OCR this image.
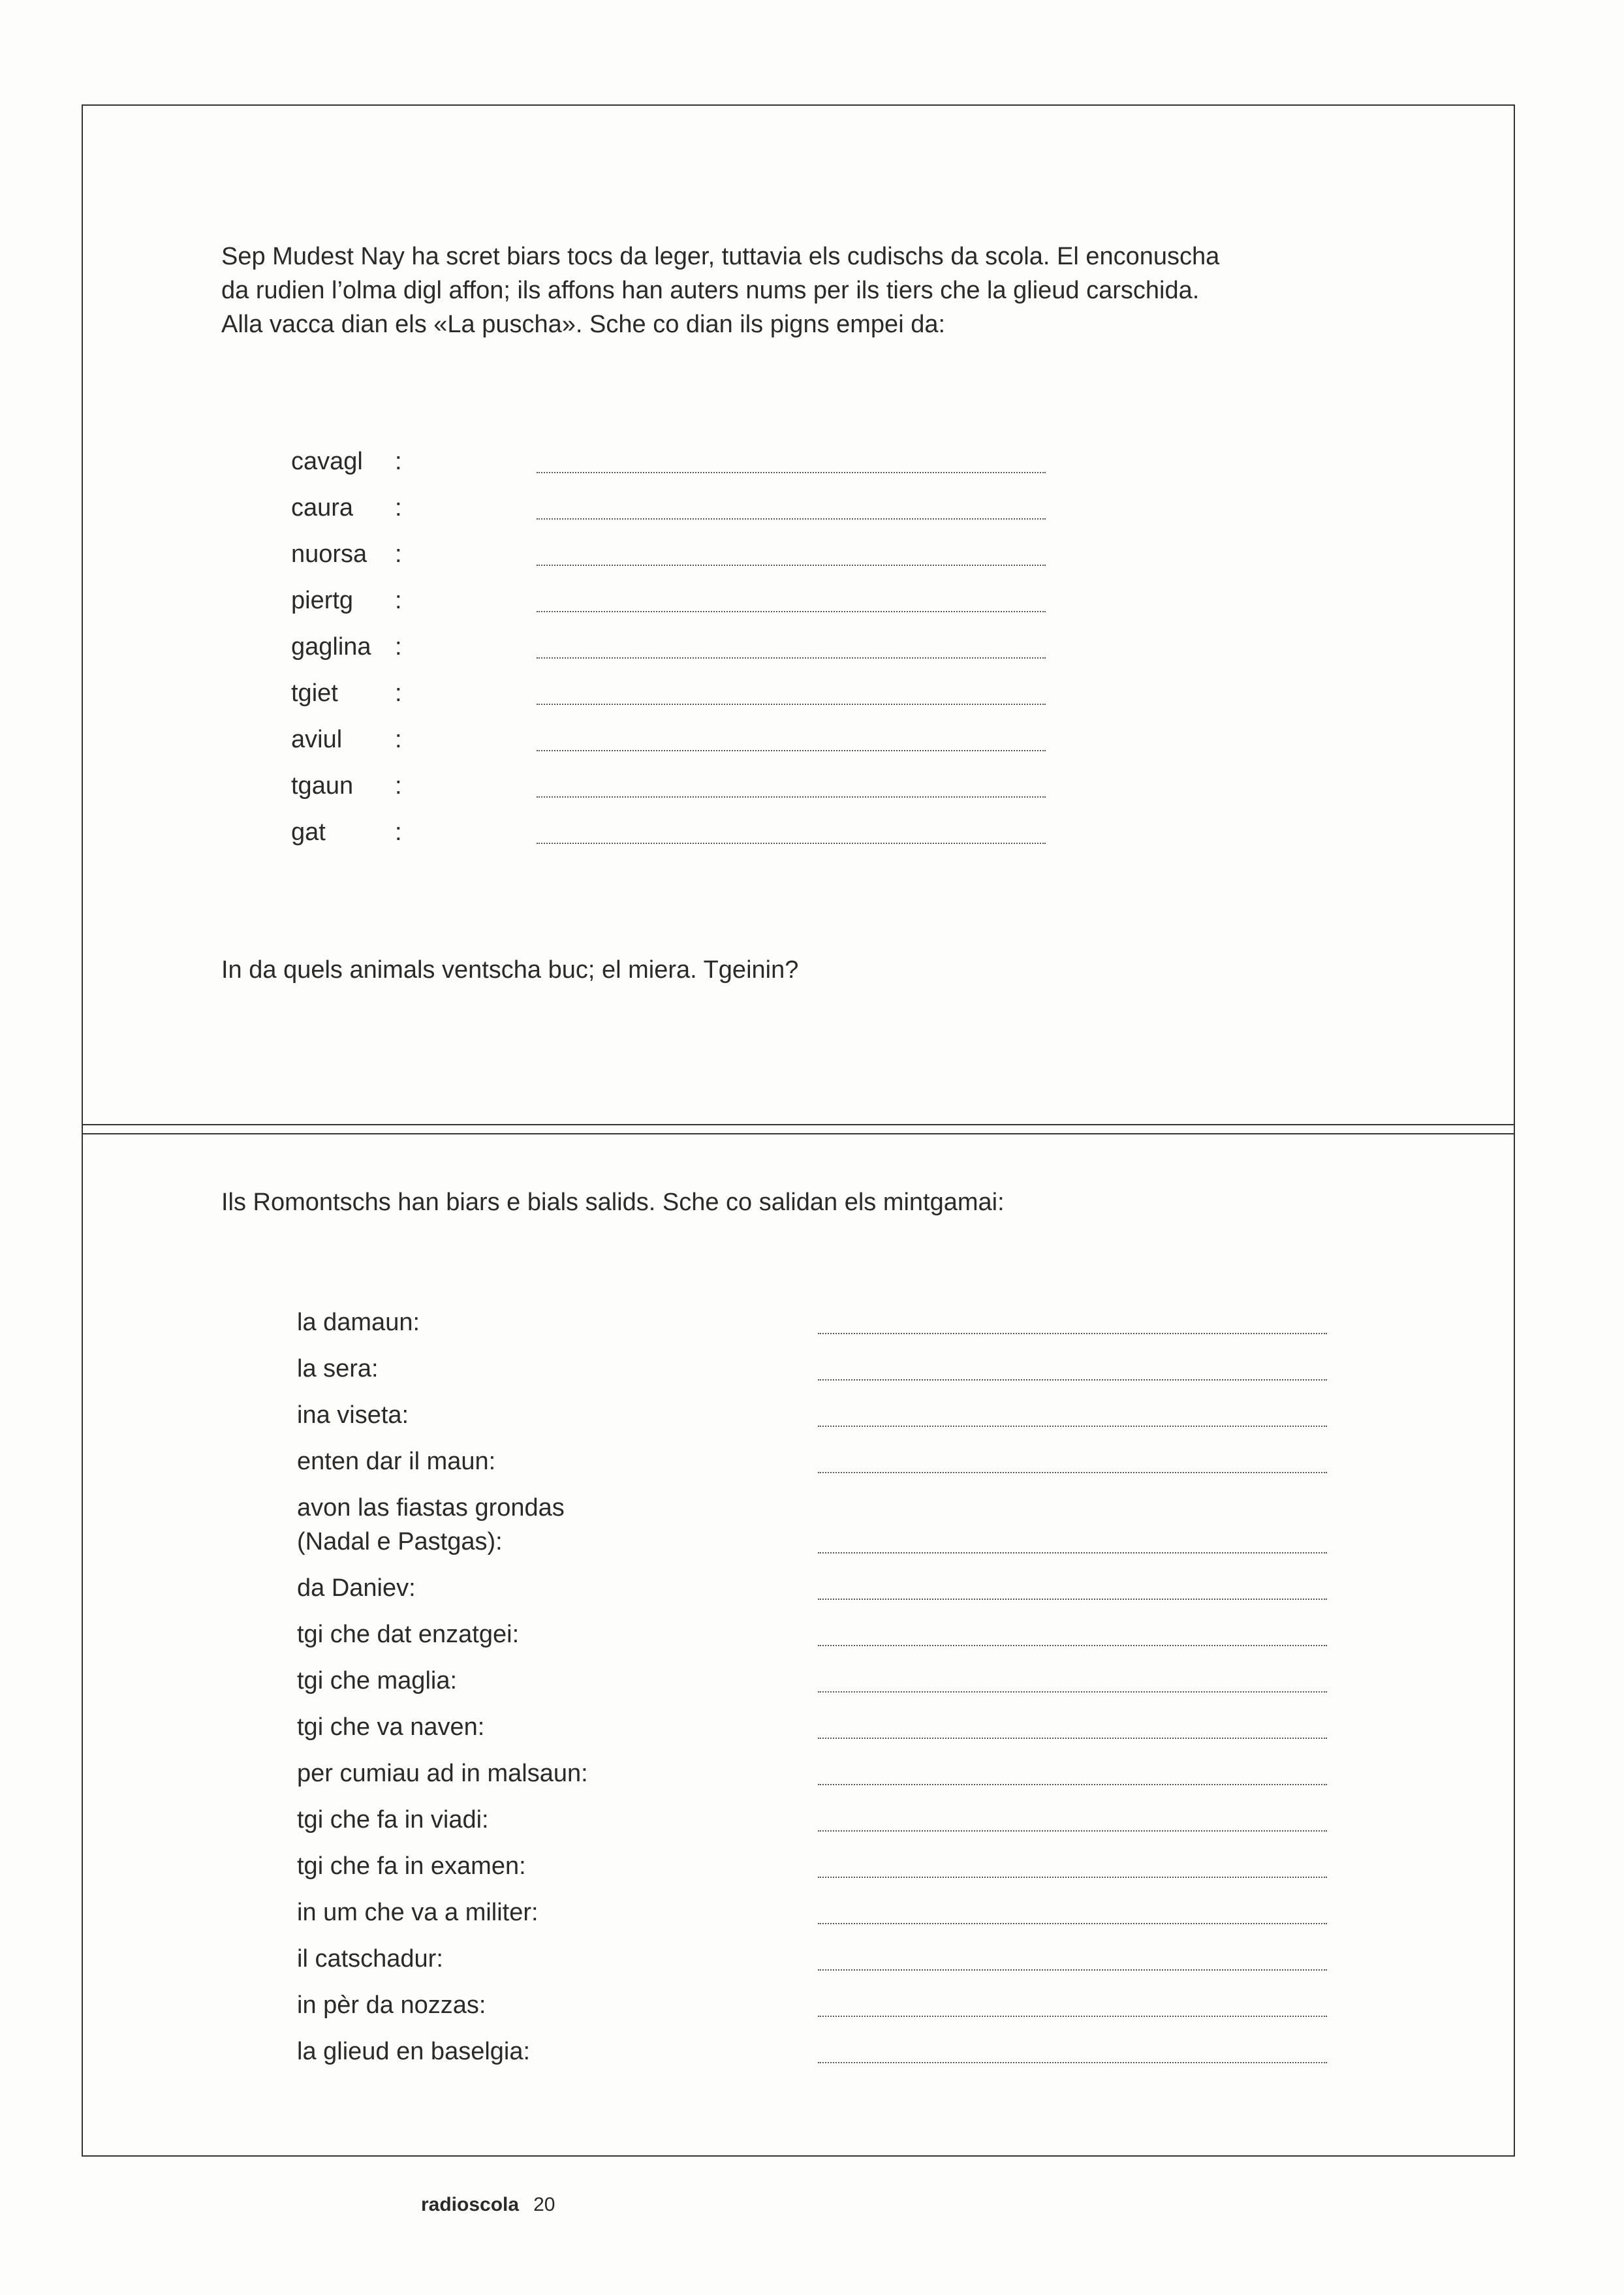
Sep Mudest Nay ha scret biars tocs da leger, tuttavia els cudischs da scola. El enconuscha
da rudien l’olma digl affon; ils affons han auters nums per ils tiers che la glieud carschida.
Alla vacca dian els «La puscha». Sche co dian ils pigns empei da:
cavagl :
caura :
nuorsa :
piertg :
gaglina :
tgiet :
aviul :
tgaun :
gat	:
In da quels animals ventscha buc; el miera. Tgeinin?
Ils Romontschs han biars e bials salids. Sche co salidan els mintgamai:
la damaun:
la sera:
ina viseta:
enten dar il maun:
avon las fiastas grondas
(Nadal e Pastgas):
da Daniev:
tgi che dat enzatgei:
tgi che maglia:
tgi che va naven:
per cumiau ad in malsaun:
tgi che fa in viadi:
tgi che fa in examen:
in um che va a militer:
il catschadur:
in pèr da nozzas:
la glieud en baselgia:
radioscola 20
